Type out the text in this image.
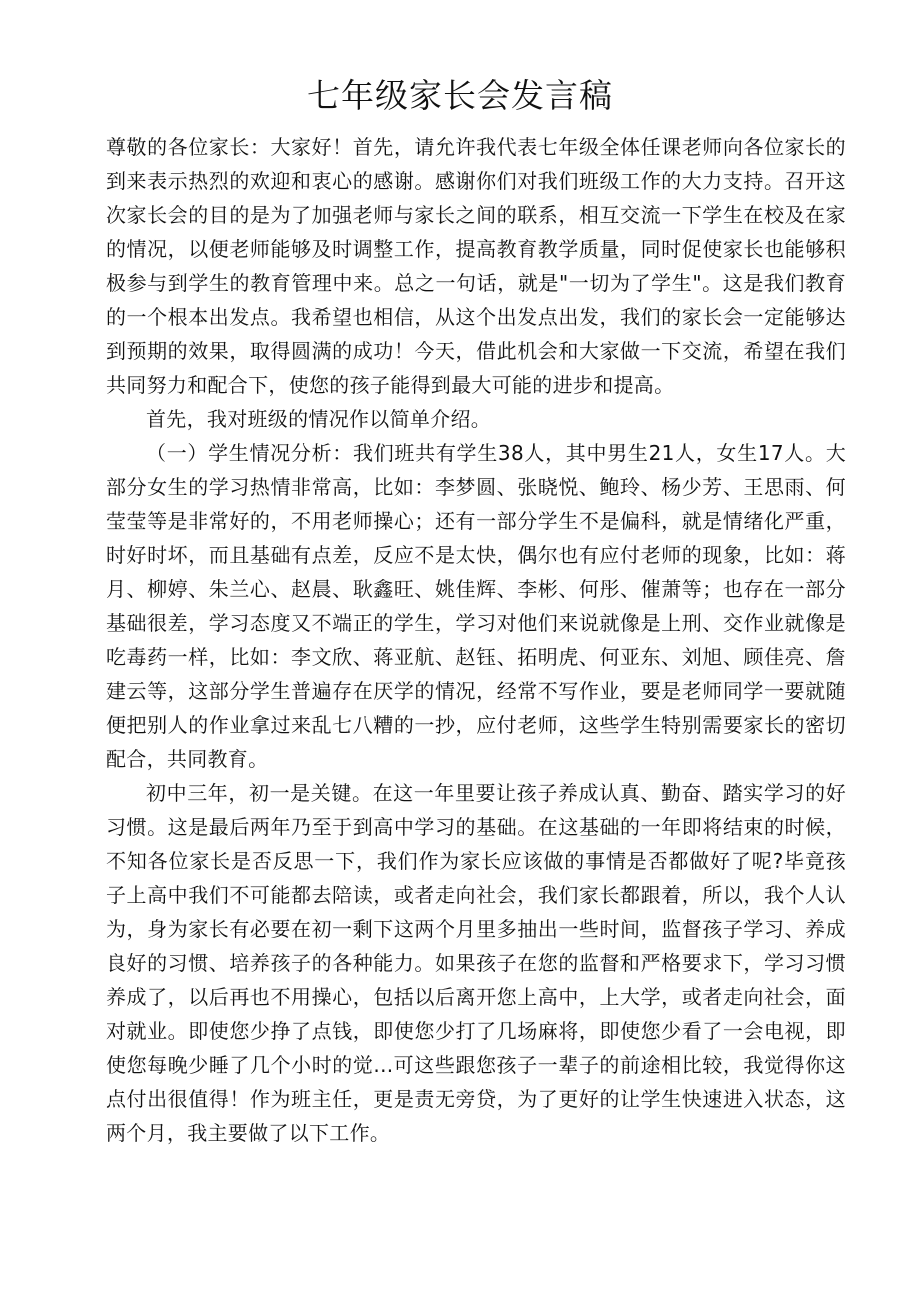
七年级家长会发言稿

尊敬的各位家长：大家好！首先，请允许我代表七年级全体任课老师向各位家长的到来表示热烈的欢迎和衷心的感谢。感谢你们对我们班级工作的大力支持。召开这次家长会的目的是为了加强老师与家长之间的联系，相互交流一下学生在校及在家的情况，以便老师能够及时调整工作，提高教育教学质量，同时促使家长也能够积极参与到学生的教育管理中来。总之一句话，就是"一切为了学生"。这是我们教育的一个根本出发点。我希望也相信，从这个出发点出发，我们的家长会一定能够达到预期的效果，取得圆满的成功！今天，借此机会和大家做一下交流，希望在我们共同努力和配合下，使您的孩子能得到最大可能的进步和提高。

首先，我对班级的情况作以简单介绍。

（一）学生情况分析：我们班共有学生38人，其中男生21人，女生17人。大部分女生的学习热情非常高，比如：李梦圆、张晓悦、鲍玲、杨少芳、王思雨、何莹莹等是非常好的，不用老师操心；还有一部分学生不是偏科，就是情绪化严重，时好时坏，而且基础有点差，反应不是太快，偶尔也有应付老师的现象，比如：蒋月、柳婷、朱兰心、赵晨、耿鑫旺、姚佳辉、李彬、何彤、催萧等；也存在一部分基础很差，学习态度又不端正的学生，学习对他们来说就像是上刑、交作业就像是吃毒药一样，比如：李文欣、蒋亚航、赵钰、拓明虎、何亚东、刘旭、顾佳亮、詹建云等，这部分学生普遍存在厌学的情况，经常不写作业，要是老师同学一要就随便把别人的作业拿过来乱七八糟的一抄，应付老师，这些学生特别需要家长的密切配合，共同教育。

初中三年，初一是关键。在这一年里要让孩子养成认真、勤奋、踏实学习的好习惯。这是最后两年乃至于到高中学习的基础。在这基础的一年即将结束的时候，不知各位家长是否反思一下，我们作为家长应该做的事情是否都做好了呢?毕竟孩子上高中我们不可能都去陪读，或者走向社会，我们家长都跟着，所以，我个人认为，身为家长有必要在初一剩下这两个月里多抽出一些时间，监督孩子学习、养成良好的习惯、培养孩子的各种能力。如果孩子在您的监督和严格要求下，学习习惯养成了，以后再也不用操心，包括以后离开您上高中，上大学，或者走向社会，面对就业。即使您少挣了点钱，即使您少打了几场麻将，即使您少看了一会电视，即使您每晚少睡了几个小时的觉...可这些跟您孩子一辈子的前途相比较，我觉得你这点付出很值得！作为班主任，更是责无旁贷，为了更好的让学生快速进入状态，这两个月，我主要做了以下工作。
